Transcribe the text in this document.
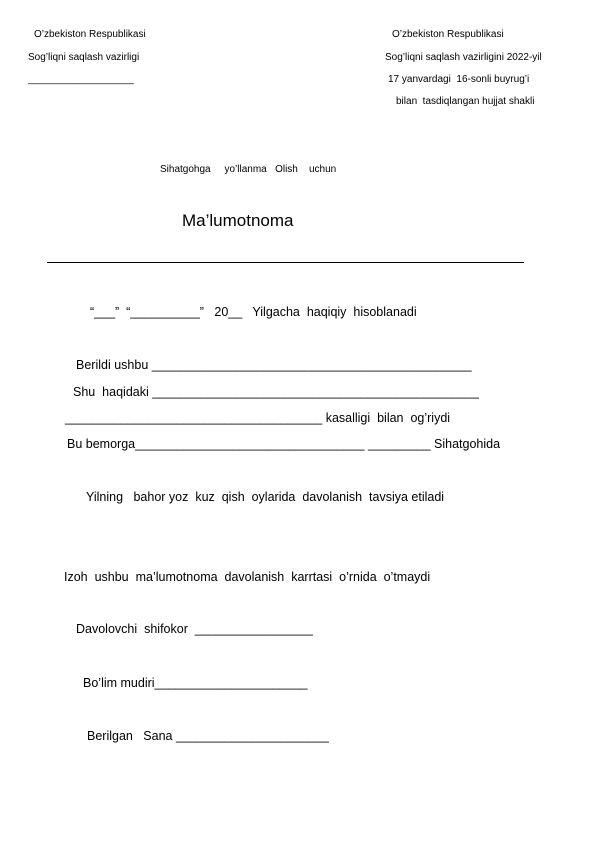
O’zbekiston Respublikasi
Sog’liqni saqlash vazirligi
___________________
O’zbekiston Respublikasi
Sog’liqni saqlash vazirligini 2022-yil
17 yanvardagi  16-sonli buyrug’i
bilan  tasdiqlangan hujjat shakli
Sihatgohga     yo’llanma   Olish    uchun
Ma’lumotnoma
“___”  “__________”   20__   Yilgacha  haqiqiy  hisoblanadi
Berildi ushbu ______________________________________________
Shu  haqidaki _______________________________________________
_____________________________________ kasalligi  bilan  og’riydi
Bu bemorga_________________________________ _________ Sihatgohida
Yilning   bahor yoz  kuz  qish  oylarida  davolanish  tavsiya etiladi
Izoh  ushbu  ma’lumotnoma  davolanish  karrtasi  o’rnida  o’tmaydi
Davolovchi  shifokor  _________________
Bo’lim mudiri______________________
Berilgan   Sana ______________________
